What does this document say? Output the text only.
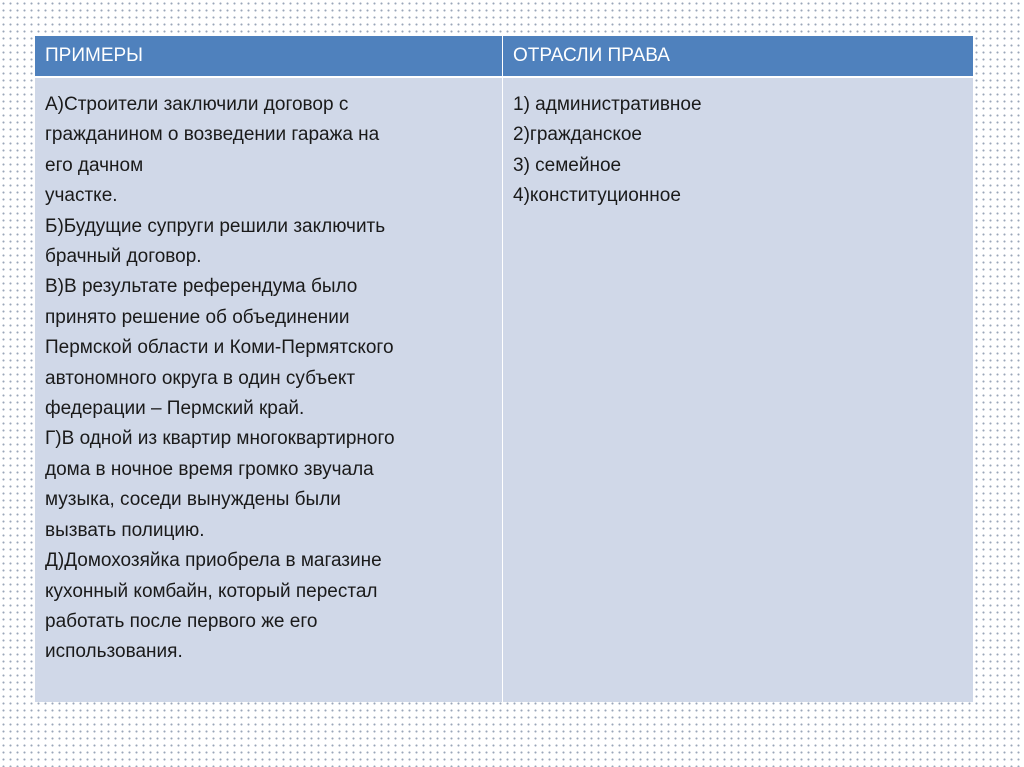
ПРИМЕРЫ	ОТРАСЛИ ПРАВА
А)Строители заключили договор с
гражданином о возведении гаража на
его дачном
участке.
Б)Будущие супруги решили заключить
брачный договор.
В)В результате референдума было
принято решение об объединении
Пермской области и Коми-Пермятского
автономного округа в один субъект
федерации – Пермский край.
Г)В одной из квартир многоквартирного
дома в ночное время громко звучала
музыка, соседи вынуждены были
вызвать полицию.
Д)Домохозяйка приобрела в магазине
кухонный комбайн, который перестал
работать после первого же его
использования.
1) административное
2)гражданское
3) семейное
4)конституционное
